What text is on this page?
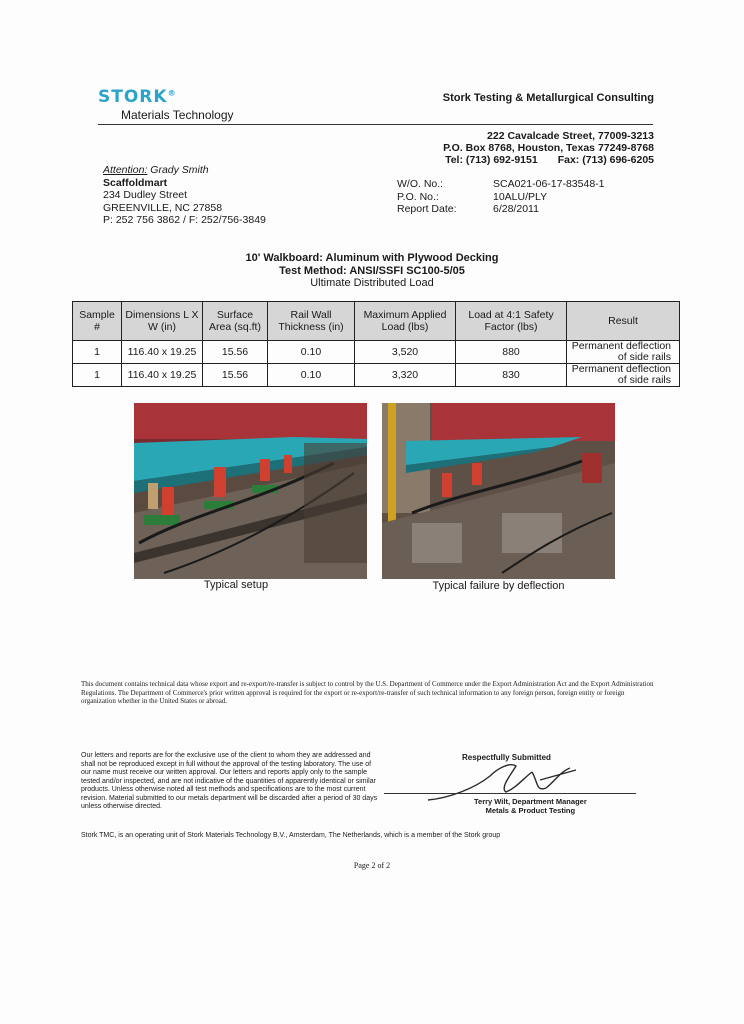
STORK®
Materials Technology
Stork Testing & Metallurgical Consulting
222 Cavalcade Street, 77009-3213
P.O. Box 8768, Houston, Texas 77249-8768
Tel: (713) 692-9151 Fax: (713) 696-6205
Attention: Grady Smith
Scaffoldmart
234 Dudley Street
GREENVILLE, NC 27858
P: 252 756 3862 / F: 252/756-3849
W/O. No.:	SCA021-06-17-83548-1
P.O. No.:	10ALU/PLY
Report Date:	6/28/2011
10' Walkboard: Aluminum with Plywood Decking
Test Method: ANSI/SSFI SC100-5/05
Ultimate Distributed Load
Sample #	Dimensions L X W (in)	Surface Area (sq.ft)	Rail Wall Thickness (in)	Maximum Applied Load (lbs)	Load at 4:1 Safety Factor (lbs)	Result
1	116.40 x 19.25	15.56	0.10	3,520	880	Permanent deflection of side rails
1	116.40 x 19.25	15.56	0.10	3,320	830	Permanent deflection of side rails
Typical setup	Typical failure by deflection
This document contains technical data whose export and re-export/re-transfer is subject to control by the U.S. Department of Commerce under the Export Administration Act and the Export Administration Regulations. The Department of Commerce's prior written approval is required for the export or re-export/re-transfer of such technical information to any foreign person, foreign entity or foreign organization whether in the United States or abroad.
Our letters and reports are for the exclusive use of the client to whom they are addressed and shall not be reproduced except in full without the approval of the testing laboratory. The use of our name must receive our written approval. Our letters and reports apply only to the sample tested and/or inspected, and are not indicative of the quantities of apparently identical or similar products. Unless otherwise noted all test methods and specifications are to the most current revision. Material submitted to our metals department will be discarded after a period of 30 days unless otherwise directed.
Stork TMC, is an operating unit of Stork Materials Technology B.V., Amsterdam, The Netherlands, which is a member of the Stork group
Respectfully Submitted
Terry Wilt, Department Manager
Metals & Product Testing
Page 2 of 2
